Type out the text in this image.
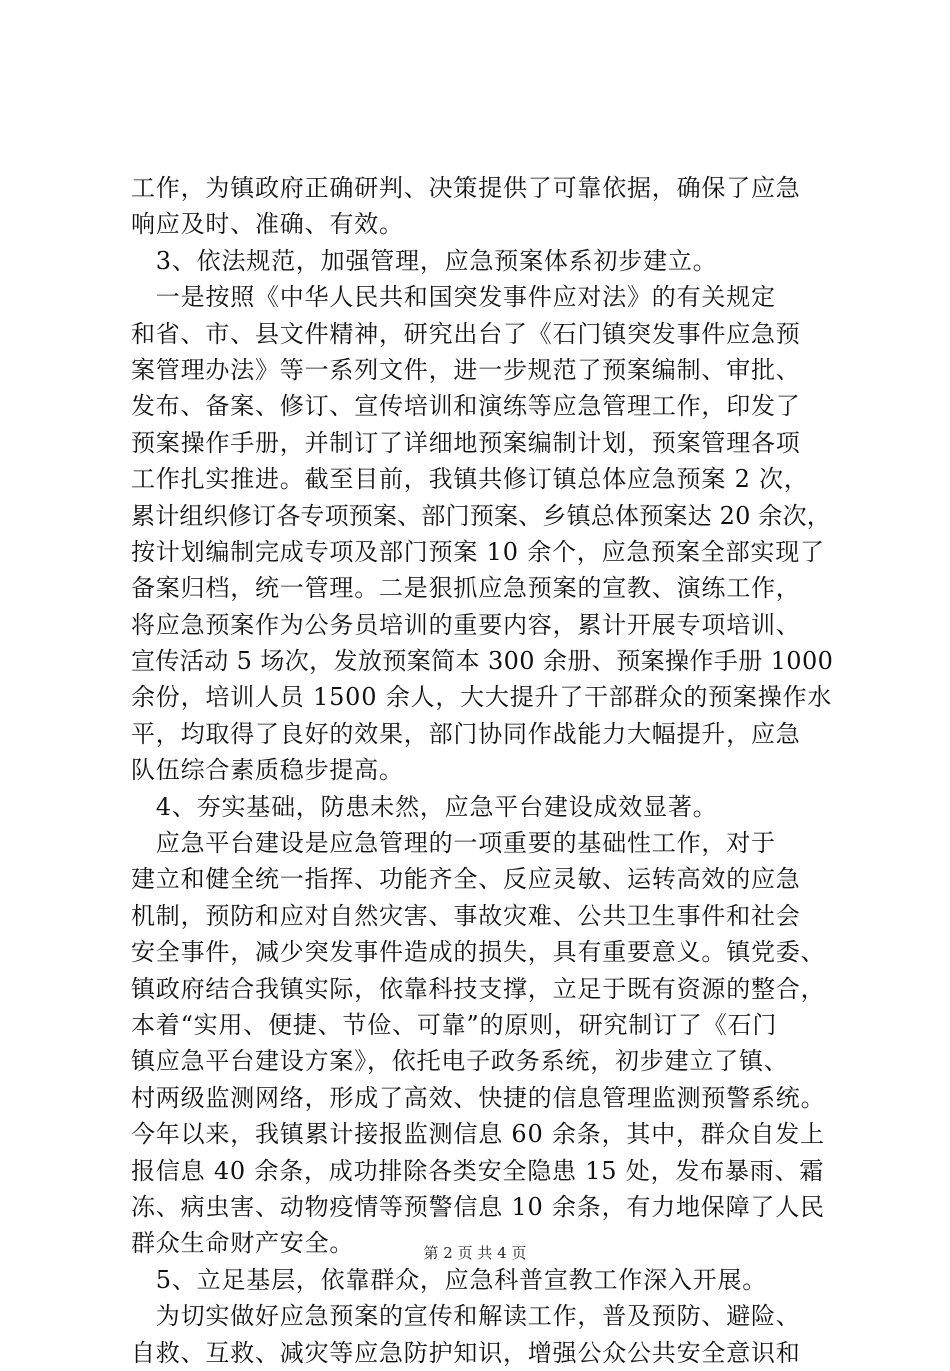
工作，为镇政府正确研判、决策提供了可靠依据，确保了应急
响应及时、准确、有效。
　3、依法规范，加强管理，应急预案体系初步建立。
　一是按照《中华人民共和国突发事件应对法》的有关规定
和省、市、县文件精神，研究出台了《石门镇突发事件应急预
案管理办法》等一系列文件，进一步规范了预案编制、审批、
发布、备案、修订、宣传培训和演练等应急管理工作，印发了
预案操作手册，并制订了详细地预案编制计划，预案管理各项
工作扎实推进。截至目前，我镇共修订镇总体应急预案 2 次，
累计组织修订各专项预案、部门预案、乡镇总体预案达 20 余次，
按计划编制完成专项及部门预案 10 余个，应急预案全部实现了
备案归档，统一管理。二是狠抓应急预案的宣教、演练工作，
将应急预案作为公务员培训的重要内容，累计开展专项培训、
宣传活动 5 场次，发放预案简本 300 余册、预案操作手册 1000
余份，培训人员 1500 余人，大大提升了干部群众的预案操作水
平，均取得了良好的效果，部门协同作战能力大幅提升，应急
队伍综合素质稳步提高。
　4、夯实基础，防患未然，应急平台建设成效显著。
　应急平台建设是应急管理的一项重要的基础性工作，对于
建立和健全统一指挥、功能齐全、反应灵敏、运转高效的应急
机制，预防和应对自然灾害、事故灾难、公共卫生事件和社会
安全事件，减少突发事件造成的损失，具有重要意义。镇党委、
镇政府结合我镇实际，依靠科技支撑，立足于既有资源的整合，
本着“实用、便捷、节俭、可靠”的原则，研究制订了《石门
镇应急平台建设方案》，依托电子政务系统，初步建立了镇、
村两级监测网络，形成了高效、快捷的信息管理监测预警系统。
今年以来，我镇累计接报监测信息 60 余条，其中，群众自发上
报信息 40 余条，成功排除各类安全隐患 15 处，发布暴雨、霜
冻、病虫害、动物疫情等预警信息 10 余条，有力地保障了人民
群众生命财产安全。
　5、立足基层，依靠群众，应急科普宣教工作深入开展。
　为切实做好应急预案的宣传和解读工作，普及预防、避险、
自救、互救、减灾等应急防护知识，增强公众公共安全意识和
第 2 页 共 4 页
